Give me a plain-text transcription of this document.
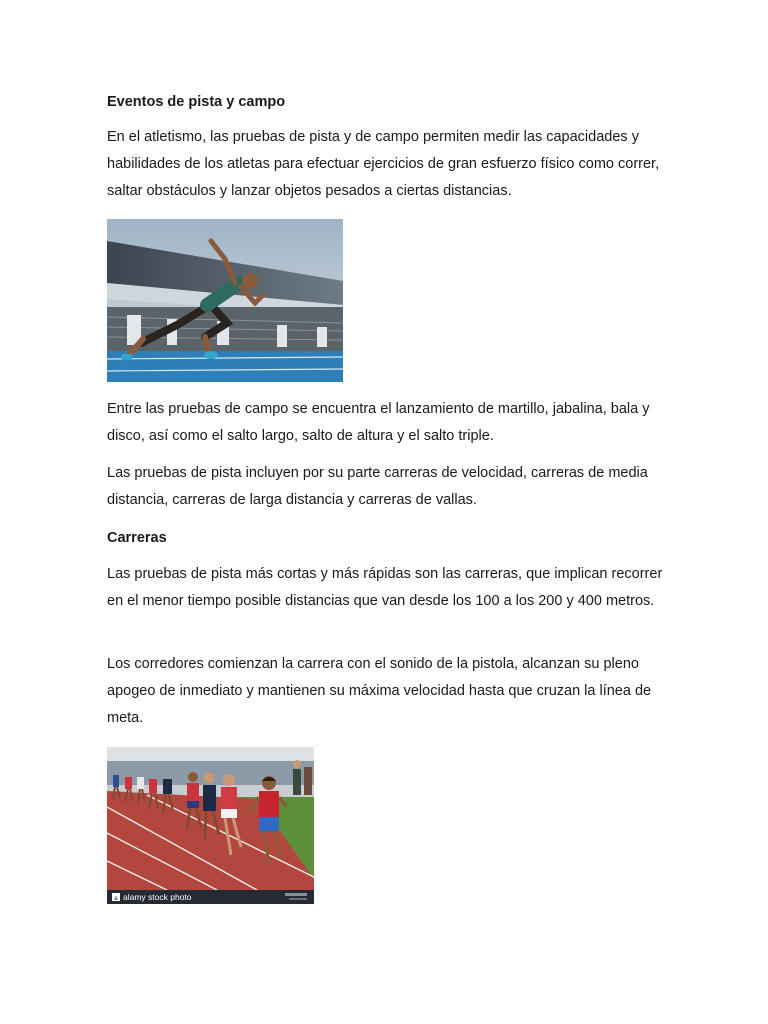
Eventos de pista y campo

En el atletismo, las pruebas de pista y de campo permiten medir las capacidades y habilidades de los atletas para efectuar ejercicios de gran esfuerzo físico como correr, saltar obstáculos y lanzar objetos pesados a ciertas distancias.

Entre las pruebas de campo se encuentra el lanzamiento de martillo, jabalina, bala y disco, así como el salto largo, salto de altura y el salto triple.

Las pruebas de pista incluyen por su parte carreras de velocidad, carreras de media distancia, carreras de larga distancia y carreras de vallas.

Carreras

Las pruebas de pista más cortas y más rápidas son las carreras, que implican recorrer en el menor tiempo posible distancias que van desde los 100 a los 200 y 400 metros.

Los corredores comienzan la carrera con el sonido de la pistola, alcanzan su pleno apogeo de inmediato y mantienen su máxima velocidad hasta que cruzan la línea de meta.

a alamy stock photo
